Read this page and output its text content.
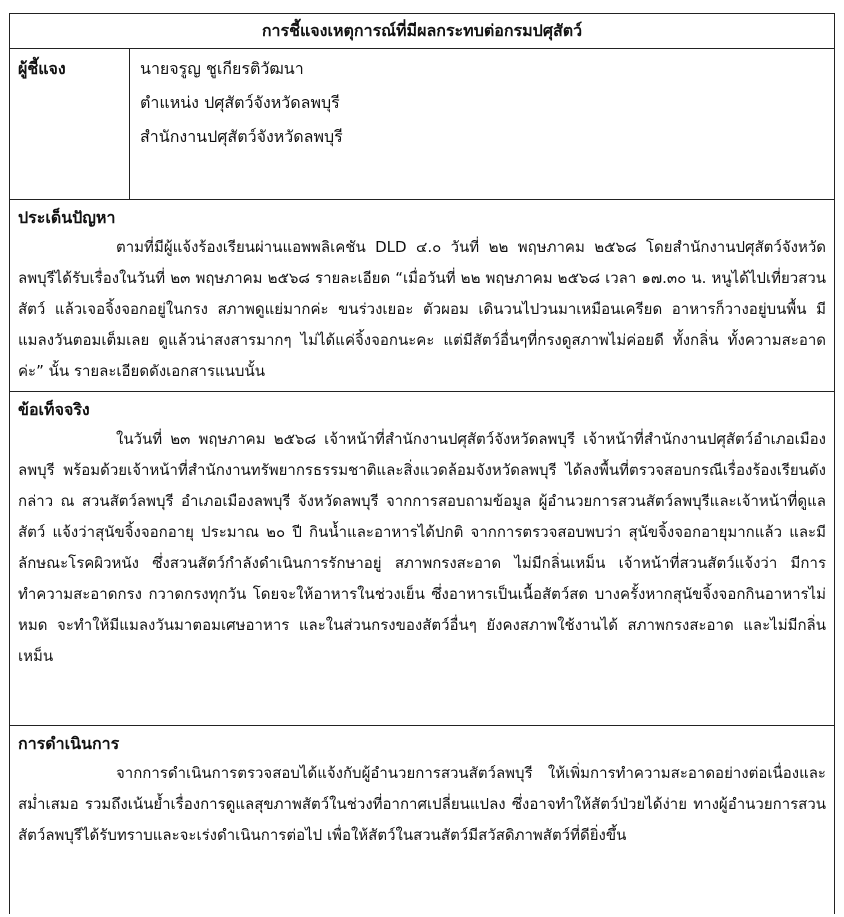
การชี้แจงเหตุการณ์ที่มีผลกระทบต่อกรมปศุสัตว์
ผู้ชี้แจง	นายจรูญ ชูเกียรติวัฒนา
ตำแหน่ง ปศุสัตว์จังหวัดลพบุรี
สำนักงานปศุสัตว์จังหวัดลพบุรี
ประเด็นปัญหา
ตามที่มีผู้แจ้งร้องเรียนผ่านแอพพลิเคชัน DLD ๔.๐ วันที่ ๒๒ พฤษภาคม ๒๕๖๘ โดยสำนักงานปศุสัตว์จังหวัดลพบุรีได้รับเรื่องในวันที่ ๒๓ พฤษภาคม ๒๕๖๘ รายละเอียด “เมื่อวันที่ ๒๒ พฤษภาคม ๒๕๖๘ เวลา ๑๗.๓๐ น. หนูได้ไปเที่ยวสวนสัตว์ แล้วเจอจิ้งจอกอยู่ในกรง สภาพดูแย่มากค่ะ ขนร่วงเยอะ ตัวผอม เดินวนไปวนมาเหมือนเครียด อาหารก็วางอยู่บนพื้น มีแมลงวันตอมเต็มเลย ดูแล้วน่าสงสารมากๆ ไม่ได้แค่จิ้งจอกนะคะ แต่มีสัตว์อื่นๆที่กรงดูสภาพไม่ค่อยดี ทั้งกลิ่น ทั้งความสะอาดค่ะ” นั้น รายละเอียดดังเอกสารแนบนั้น
ข้อเท็จจริง
ในวันที่ ๒๓ พฤษภาคม ๒๕๖๘ เจ้าหน้าที่สำนักงานปศุสัตว์จังหวัดลพบุรี เจ้าหน้าที่สำนักงานปศุสัตว์อำเภอเมืองลพบุรี พร้อมด้วยเจ้าหน้าที่สำนักงานทรัพยากรธรรมชาติและสิ่งแวดล้อมจังหวัดลพบุรี ได้ลงพื้นที่ตรวจสอบกรณีเรื่องร้องเรียนดังกล่าว ณ สวนสัตว์ลพบุรี อำเภอเมืองลพบุรี จังหวัดลพบุรี จากการสอบถามข้อมูล ผู้อำนวยการสวนสัตว์ลพบุรีและเจ้าหน้าที่ดูแลสัตว์ แจ้งว่าสุนัขจิ้งจอกอายุ ประมาณ ๒๐ ปี กินน้ำและอาหารได้ปกติ จากการตรวจสอบพบว่า สุนัขจิ้งจอกอายุมากแล้ว และมีลักษณะโรคผิวหนัง ซึ่งสวนสัตว์กำลังดำเนินการรักษาอยู่ สภาพกรงสะอาด ไม่มีกลิ่นเหม็น เจ้าหน้าที่สวนสัตว์แจ้งว่า มีการทำความสะอาดกรง กวาดกรงทุกวัน โดยจะให้อาหารในช่วงเย็น ซึ่งอาหารเป็นเนื้อสัตว์สด บางครั้งหากสุนัขจิ้งจอกกินอาหารไม่หมด จะทำให้มีแมลงวันมาตอมเศษอาหาร และในส่วนกรงของสัตว์อื่นๆ ยังคงสภาพใช้งานได้ สภาพกรงสะอาด และไม่มีกลิ่นเหม็น
การดำเนินการ
จากการดำเนินการตรวจสอบได้แจ้งกับผู้อำนวยการสวนสัตว์ลพบุรี ให้เพิ่มการทำความสะอาดอย่างต่อเนื่องและสม่ำเสมอ รวมถึงเน้นย้ำเรื่องการดูแลสุขภาพสัตว์ในช่วงที่อากาศเปลี่ยนแปลง ซึ่งอาจทำให้สัตว์ป่วยได้ง่าย ทางผู้อำนวยการสวนสัตว์ลพบุรีได้รับทราบและจะเร่งดำเนินการต่อไป เพื่อให้สัตว์ในสวนสัตว์มีสวัสดิภาพสัตว์ที่ดียิ่งขึ้น
